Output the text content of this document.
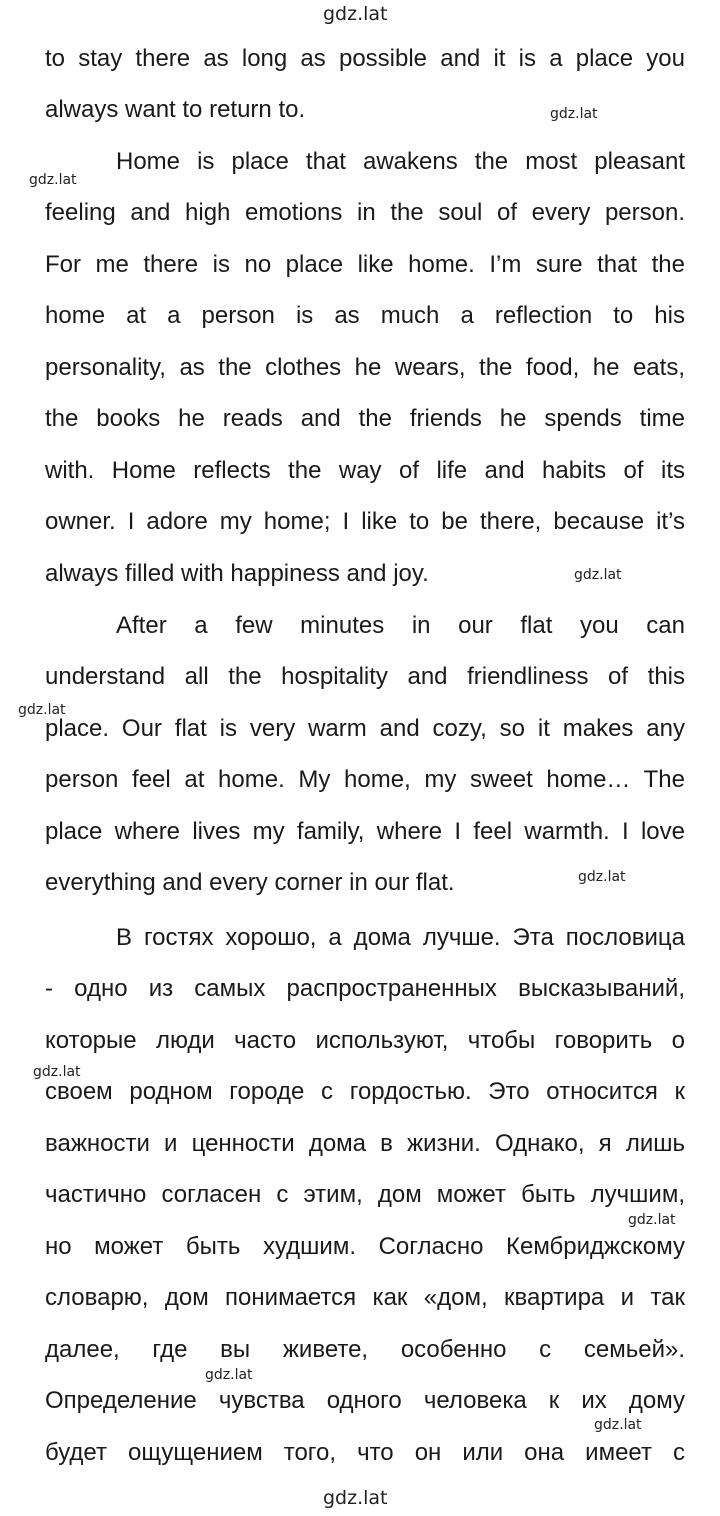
gdz.lat
to stay there as long as possible and it is a place you
always want to return to.
Home is place that awakens the most pleasant
feeling and high emotions in the soul of every person.
For me there is no place like home. I’m sure that the
home at a person is as much a reflection to his
personality, as the clothes he wears, the food, he eats,
the books he reads and the friends he spends time
with. Home reflects the way of life and habits of its
owner. I adore my home; I like to be there, because it’s
always filled with happiness and joy.
After a few minutes in our flat you can
understand all the hospitality and friendliness of this
place. Our flat is very warm and cozy, so it makes any
person feel at home. My home, my sweet home… The
place where lives my family, where I feel warmth. I love
everything and every corner in our flat.
В гостях хорошо, а дома лучше. Эта пословица
- одно из самых распространенных высказываний,
которые люди часто используют, чтобы говорить о
своем родном городе с гордостью. Это относится к
важности и ценности дома в жизни. Однако, я лишь
частично согласен с этим, дом может быть лучшим,
но может быть худшим. Согласно Кембриджскому
словарю, дом понимается как «дом, квартира и так
далее, где вы живете, особенно с семьей».
Определение чувства одного человека к их дому
будет ощущением того, что он или она имеет с
gdz.lat
gdz.lat
gdz.lat
gdz.lat
gdz.lat
gdz.lat
gdz.lat
gdz.lat
gdz.lat
gdz.lat
